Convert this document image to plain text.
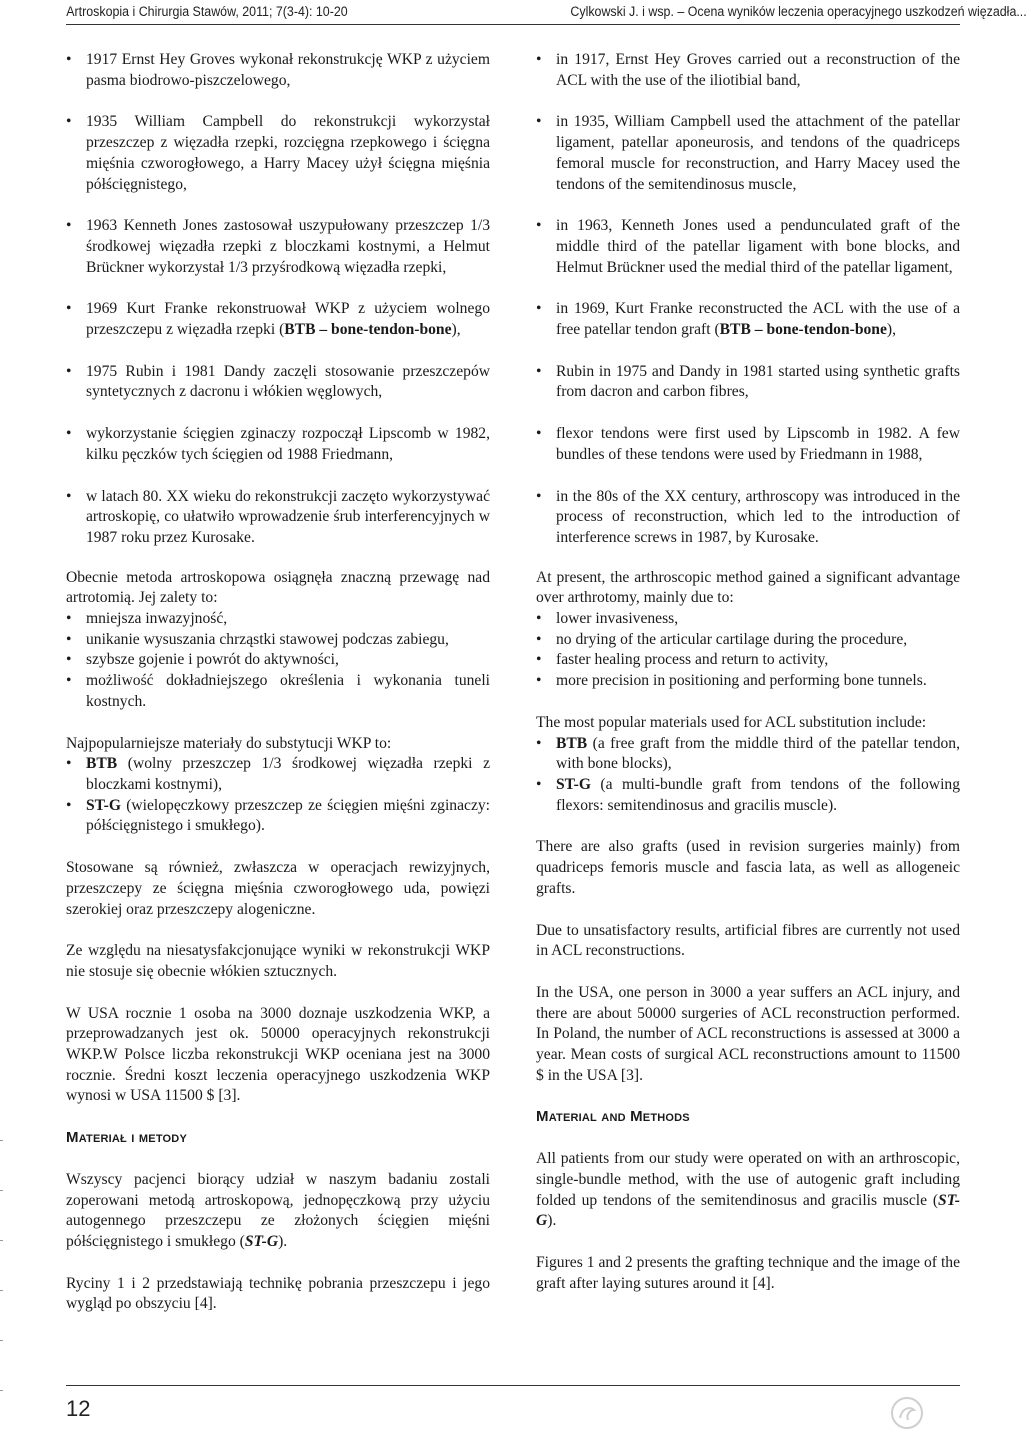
Artroskopia i Chirurgia Stawów, 2011; 7(3-4): 10-20	Cylkowski J. i wsp. – Ocena wyników leczenia operacyjnego uszkodzeń więzadła...
• 1917 Ernst Hey Groves wykonał rekonstrukcję WKP z użyciem pasma biodrowo-piszczelowego,
• 1935 William Campbell do rekonstrukcji wykorzystał przeszczep z więzadła rzepki, rozcięgna rzepkowego i ścięgna mięśnia czworogłowego, a Harry Macey użył ścięgna mięśnia półścięgnistego,
• 1963 Kenneth Jones zastosował uszypułowany przeszczep 1/3 środkowej więzadła rzepki z bloczkami kostnymi, a Helmut Brückner wykorzystał 1/3 przyśrodkową więzadła rzepki,
• 1969 Kurt Franke rekonstruował WKP z użyciem wolnego przeszczepu z więzadła rzepki (BTB – bone-tendon-bone),
• 1975 Rubin i 1981 Dandy zaczęli stosowanie przeszczepów syntetycznych z dacronu i włókien węglowych,
• wykorzystanie ścięgien zginaczy rozpoczął Lipscomb w 1982, kilku pęczków tych ścięgien od 1988 Friedmann,
• w latach 80. XX wieku do rekonstrukcji zaczęto wykorzystywać artroskopię, co ułatwiło wprowadzenie śrub interferencyjnych w 1987 roku przez Kurosake.
Obecnie metoda artroskopowa osiągnęła znaczną przewagę nad artrotomią. Jej zalety to:
• mniejsza inwazyjność,
• unikanie wysuszania chrząstki stawowej podczas zabiegu,
• szybsze gojenie i powrót do aktywności,
• możliwość dokładniejszego określenia i wykonania tuneli kostnych.
Najpopularniejsze materiały do substytucji WKP to:
• BTB (wolny przeszczep 1/3 środkowej więzadła rzepki z bloczkami kostnymi),
• ST-G (wielopęczkowy przeszczep ze ścięgien mięśni zginaczy: półścięgnistego i smukłego).

Stosowane są również, zwłaszcza w operacjach rewizyjnych, przeszczepy ze ścięgna mięśnia czworogłowego uda, powięzi szerokiej oraz przeszczepy alogeniczne.

Ze względu na niesatysfakcjonujące wyniki w rekonstrukcji WKP nie stosuje się obecnie włókien sztucznych.

W USA rocznie 1 osoba na 3000 doznaje uszkodzenia WKP, a przeprowadzanych jest ok. 50000 operacyjnych rekonstrukcji WKP.W Polsce liczba rekonstrukcji WKP oceniana jest na 3000 rocznie. Średni koszt leczenia operacyjnego uszkodzenia WKP wynosi w USA 11500 $ [3].

Materiał i metody

Wszyscy pacjenci biorący udział w naszym badaniu zostali zoperowani metodą artroskopową, jednopęczkową przy użyciu autogennego przeszczepu ze złożonych ścięgien mięśni półścięgnistego i smukłego (ST-G).

Ryciny 1 i 2 przedstawiają technikę pobrania przeszczepu i jego wygląd po obszyciu [4].

• in 1917, Ernst Hey Groves carried out a reconstruction of the ACL with the use of the iliotibial band,
• in 1935, William Campbell used the attachment of the patellar ligament, patellar aponeurosis, and tendons of the quadriceps femoral muscle for reconstruction, and Harry Macey used the tendons of the semitendinosus muscle,
• in 1963, Kenneth Jones used a pendunculated graft of the middle third of the patellar ligament with bone blocks, and Helmut Brückner used the medial third of the patellar ligament,
• in 1969, Kurt Franke reconstructed the ACL with the use of a free patellar tendon graft (BTB – bone-tendon-bone),
• Rubin in 1975 and Dandy in 1981 started using synthetic grafts from dacron and carbon fibres,
• flexor tendons were first used by Lipscomb in 1982. A few bundles of these tendons were used by Friedmann in 1988,
• in the 80s of the XX century, arthroscopy was introduced in the process of reconstruction, which led to the introduction of interference screws in 1987, by Kurosake.
At present, the arthroscopic method gained a significant advantage over arthrotomy, mainly due to:
• lower invasiveness,
• no drying of the articular cartilage during the procedure,
• faster healing process and return to activity,
• more precision in positioning and performing bone tunnels.
The most popular materials used for ACL substitution include:
• BTB (a free graft from the middle third of the patellar tendon, with bone blocks),
• ST-G (a multi-bundle graft from tendons of the following flexors: semitendinosus and gracilis muscle).

There are also grafts (used in revision surgeries mainly) from quadriceps femoris muscle and fascia lata, as well as allogeneic grafts.

Due to unsatisfactory results, artificial fibres are currently not used in ACL reconstructions.

In the USA, one person in 3000 a year suffers an ACL injury, and there are about 50000 surgeries of ACL reconstruction performed. In Poland, the number of ACL reconstructions is assessed at 3000 a year. Mean costs of surgical ACL reconstructions amount to 11500 $ in the USA [3].

Material and Methods

All patients from our study were operated on with an arthroscopic, single-bundle method, with the use of autogenic graft including folded up tendons of the semitendinosus and gracilis muscle (ST-G).

Figures 1 and 2 presents the grafting technique and the image of the graft after laying sutures around it [4].

12
